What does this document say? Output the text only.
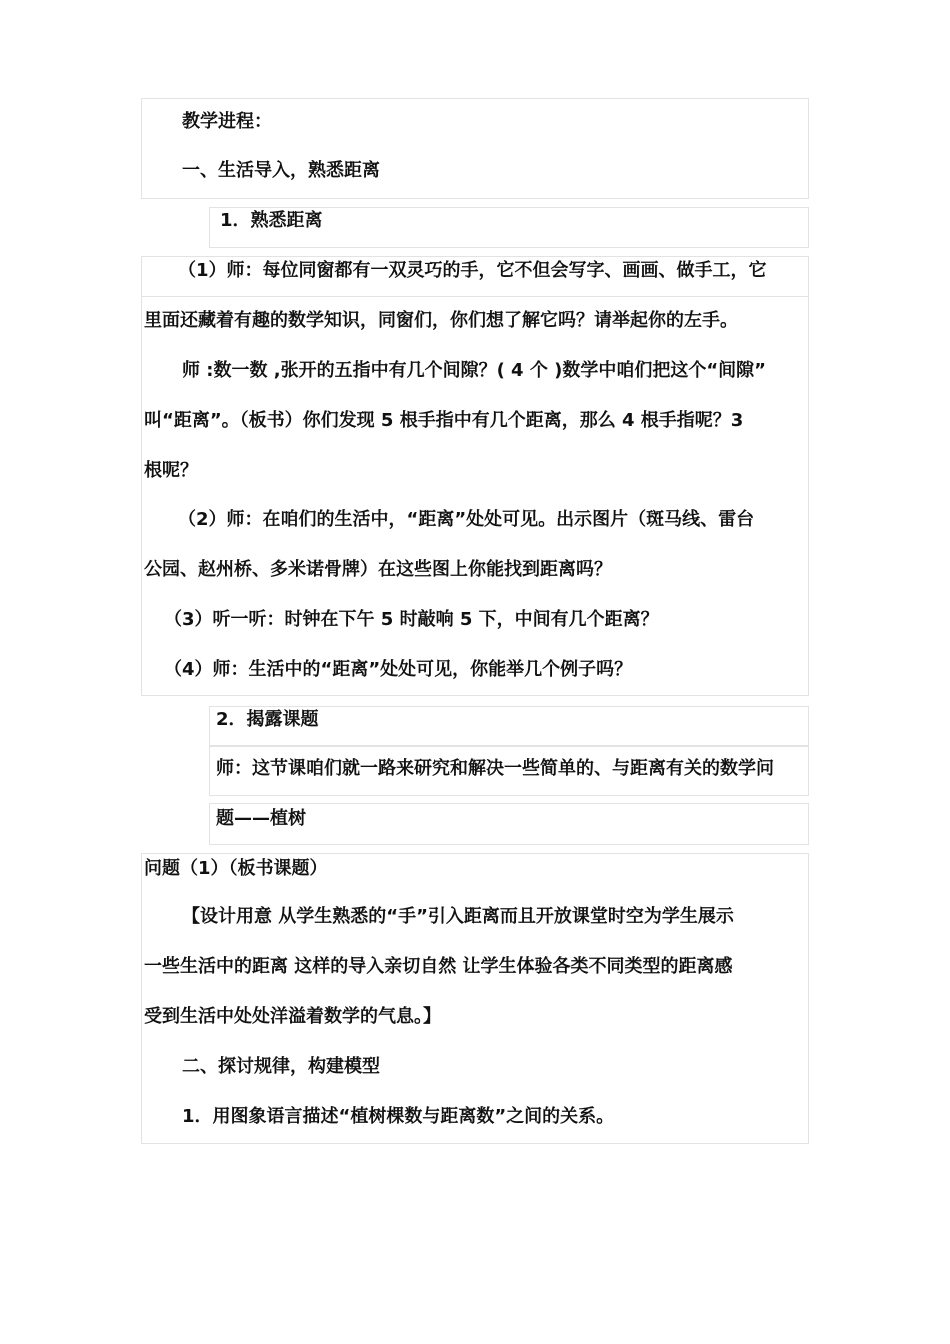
教学进程：
一、生活导入，熟悉距离
1．熟悉距离
（1）师：每位同窗都有一双灵巧的手，它不但会写字、画画、做手工，它
里面还藏着有趣的数学知识，同窗们，你们想了解它吗？请举起你的左手。
师 :数一数 ,张开的五指中有几个间隙？( 4 个 )数学中咱们把这个“间隙”
叫“距离”。（板书）你们发现 5 根手指中有几个距离，那么 4 根手指呢？3
根呢？
（2）师：在咱们的生活中，“距离”处处可见。出示图片（斑马线、雷台
公园、赵州桥、多米诺骨牌）在这些图上你能找到距离吗？
（3）听一听：时钟在下午 5 时敲响 5 下，中间有几个距离？
（4）师：生活中的“距离”处处可见，你能举几个例子吗？
2．揭露课题
师：这节课咱们就一路来研究和解决一些简单的、与距离有关的数学问
题——植树
问题（1）（板书课题）
【设计用意 从学生熟悉的“手”引入距离而且开放课堂时空为学生展示
一些生活中的距离 这样的导入亲切自然 让学生体验各类不同类型的距离感
受到生活中处处洋溢着数学的气息。】
二、探讨规律，构建模型
1．用图象语言描述“植树棵数与距离数”之间的关系。
